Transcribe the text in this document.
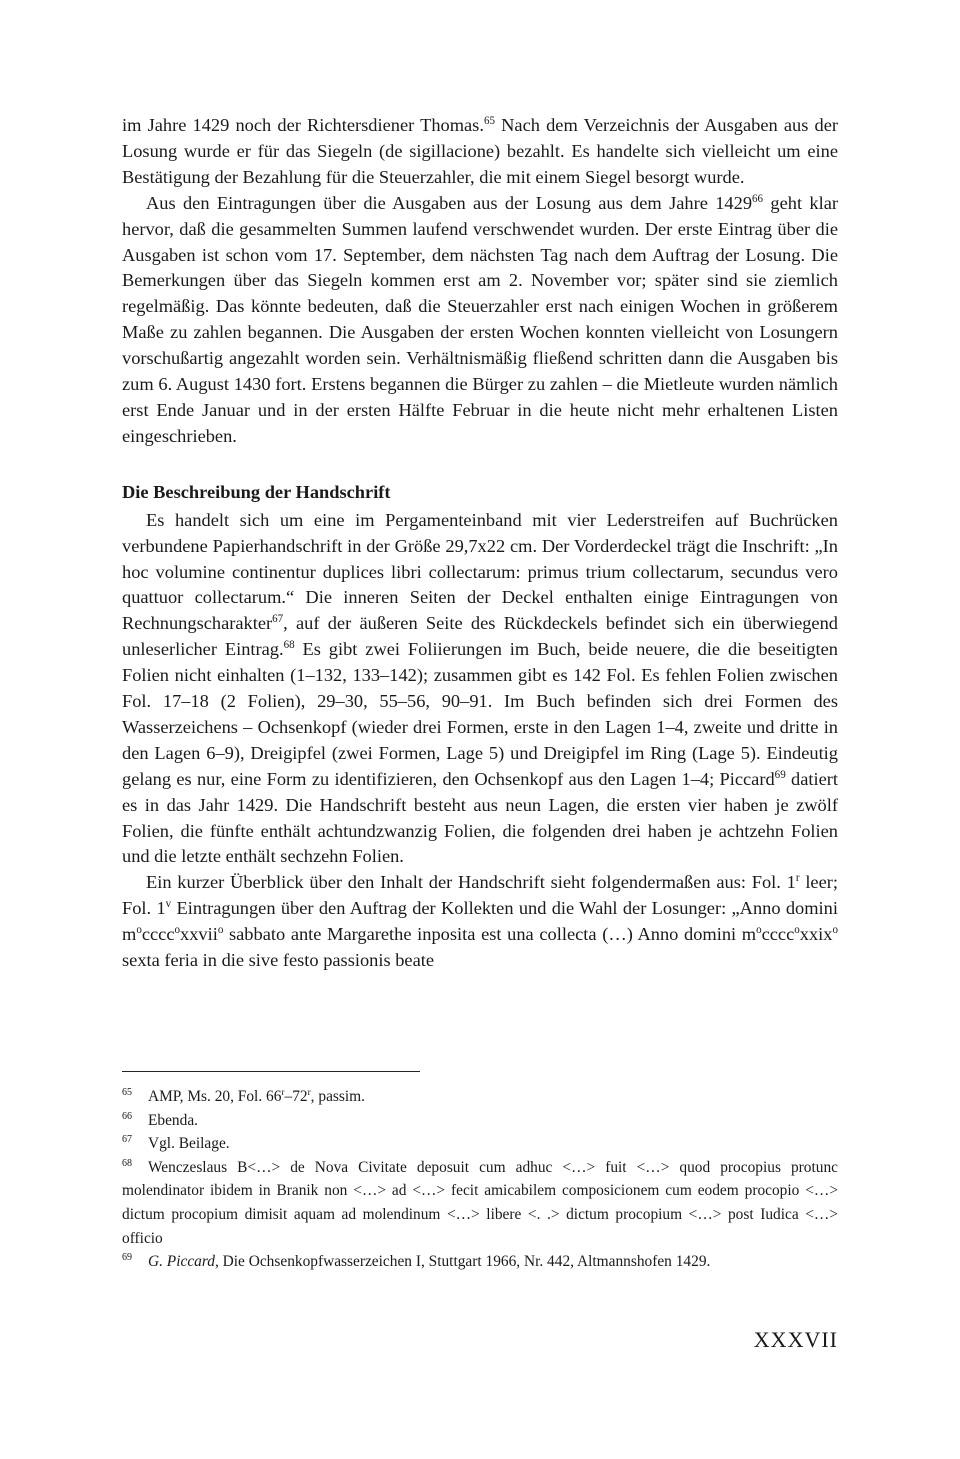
im Jahre 1429 noch der Richtersdiener Thomas.$^{65}$ Nach dem Verzeichnis der Ausgaben aus der Losung wurde er für das Siegeln (de sigillacione) bezahlt. Es handelte sich vielleicht um eine Bestätigung der Bezahlung für die Steuerzahler, die mit einem Siegel besorgt wurde.

Aus den Eintragungen über die Ausgaben aus der Losung aus dem Jahre 1429$^{66}$ geht klar hervor, daß die gesammelten Summen laufend verschwendet wurden. Der erste Eintrag über die Ausgaben ist schon vom 17. September, dem nächsten Tag nach dem Auftrag der Losung. Die Bemerkungen über das Siegeln kommen erst am 2. November vor; später sind sie ziemlich regelmäßig. Das könnte bedeuten, daß die Steuerzahler erst nach einigen Wochen in größerem Maße zu zahlen begannen. Die Ausgaben der ersten Wochen konnten vielleicht von Losungern vorschußartig angezahlt worden sein. Verhältnismäßig fließend schritten dann die Ausgaben bis zum 6. August 1430 fort. Erstens begannen die Bürger zu zahlen – die Mietleute wurden nämlich erst Ende Januar und in der ersten Hälfte Februar in die heute nicht mehr erhaltenen Listen eingeschrieben.

Die Beschreibung der Handschrift

Es handelt sich um eine im Pergamenteinband mit vier Lederstreifen auf Buchrücken verbundene Papierhandschrift in der Größe 29,7x22 cm. Der Vorderdeckel trägt die Inschrift: „In hoc volumine continentur duplices libri collectarum: primus trium collectarum, secundus vero quattuor collectarum.“ Die inneren Seiten der Deckel enthalten einige Eintragungen von Rechnungscharakter$^{67}$, auf der äußeren Seite des Rückdeckels befindet sich ein überwiegend unleserlicher Eintrag.$^{68}$ Es gibt zwei Foliierungen im Buch, beide neuere, die die beseitigten Folien nicht einhalten (1–132, 133–142); zusammen gibt es 142 Fol. Es fehlen Folien zwischen Fol. 17–18 (2 Folien), 29–30, 55–56, 90–91. Im Buch befinden sich drei Formen des Wasserzeichens – Ochsenkopf (wieder drei Formen, erste in den Lagen 1–4, zweite und dritte in den Lagen 6–9), Dreigipfel (zwei Formen, Lage 5) und Dreigipfel im Ring (Lage 5). Eindeutig gelang es nur, eine Form zu identifizieren, den Ochsenkopf aus den Lagen 1–4; Piccard$^{69}$ datiert es in das Jahr 1429. Die Handschrift besteht aus neun Lagen, die ersten vier haben je zwölf Folien, die fünfte enthält achtundzwanzig Folien, die folgenden drei haben je achtzehn Folien und die letzte enthält sechzehn Folien.

Ein kurzer Überblick über den Inhalt der Handschrift sieht folgendermaßen aus: Fol. 1$^r$ leer; Fol. 1$^v$ Eintragungen über den Auftrag der Kollekten und die Wahl der Losunger: „Anno domini $m^occcc^oxxvii^o$ sabbato ante Margarethe inposita est una collecta (…) Anno domini $m^occcc^oxxix^o$ sexta feria in die sive festo passionis beate

65 AMP, Ms. 20, Fol. 66$^r$–72$^r$, passim.
66 Ebenda.
67 Vgl. Beilage.
68 Wenczeslaus B<…> de Nova Civitate deposuit cum adhuc <…> fuit <…> quod procopius protunc molendinator ibidem in Branik non <…> ad <…> fecit amicabilem composicionem cum eodem procopio <…> dictum procopium dimisit aquam ad molendinum <…> libere <. .> dictum procopium <…> post Iudica <…> officio
69 G. Piccard, Die Ochsenkopfwasserzeichen I, Stuttgart 1966, Nr. 442, Altmannshofen 1429.
XXXVII
